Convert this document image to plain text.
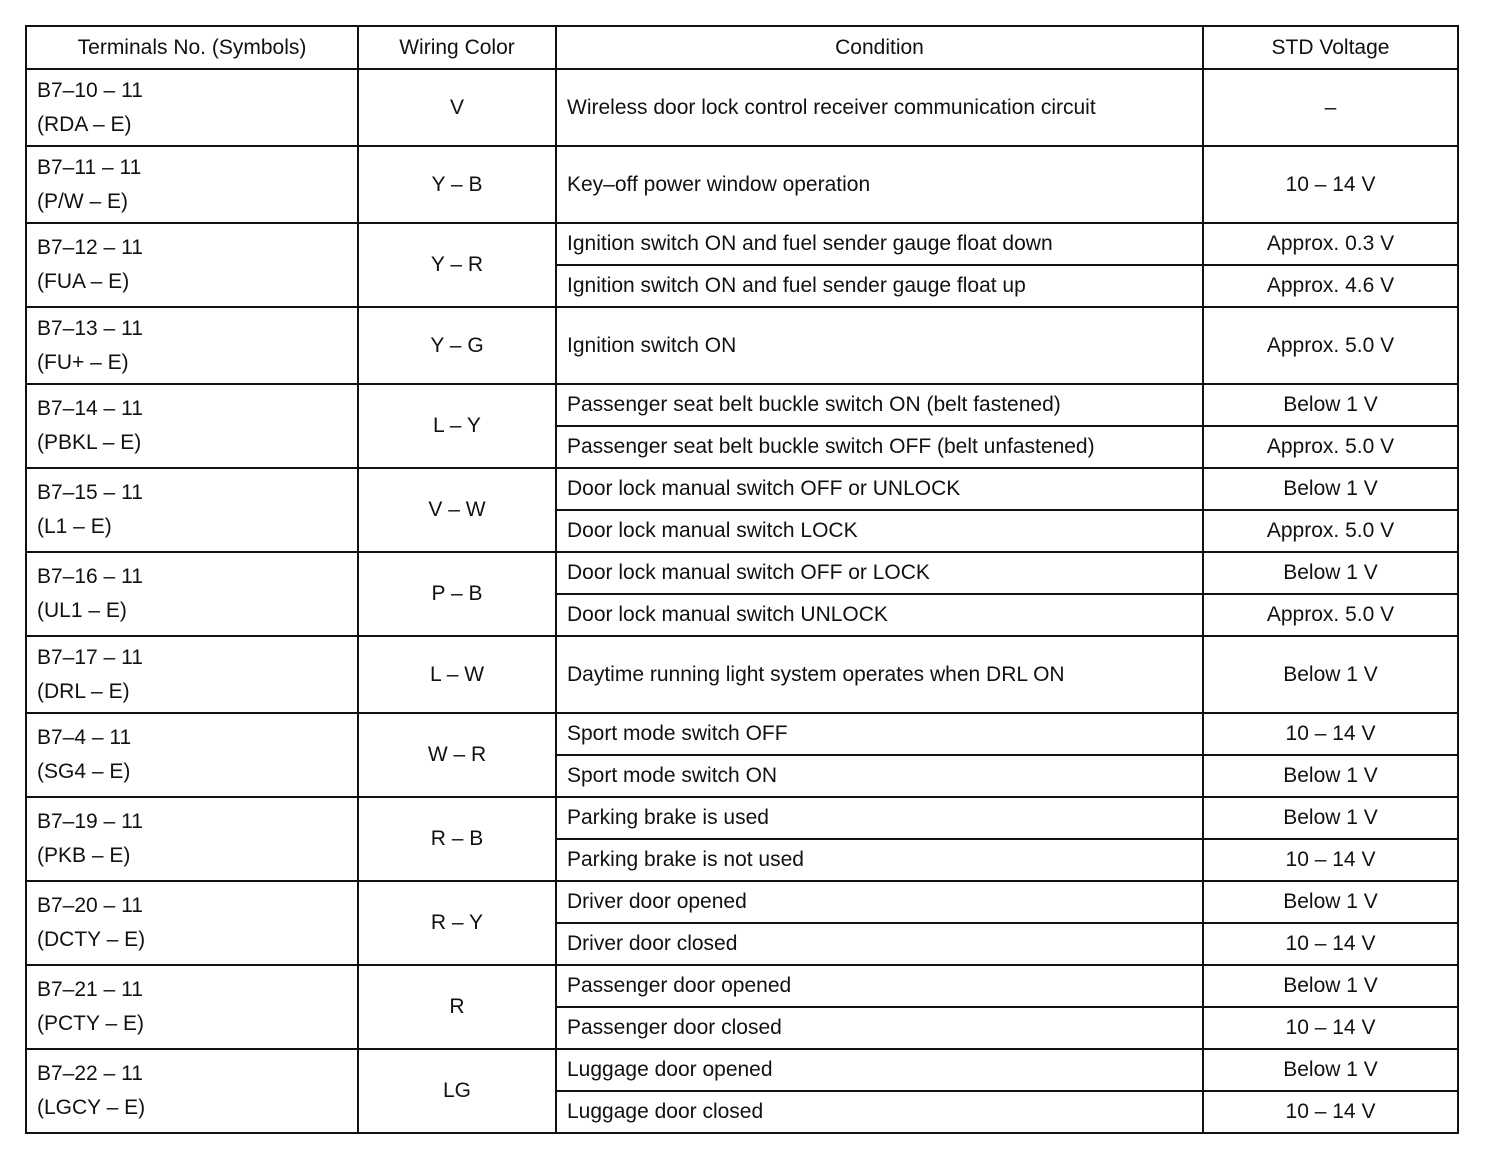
Terminals No. (Symbols)	Wiring Color	Condition	STD Voltage

B7–10 – 11
(RDA – E)	V	Wireless door lock control receiver communication circuit	–

B7–11 – 11
(P/W – E)	Y – B	Key–off power window operation	10 – 14 V

B7–12 – 11
(FUA – E)	Y – R	Ignition switch ON and fuel sender gauge float down	Approx. 0.3 V
		Ignition switch ON and fuel sender gauge float up	Approx. 4.6 V

B7–13 – 11
(FU+ – E)	Y – G	Ignition switch ON	Approx. 5.0 V

B7–14 – 11
(PBKL – E)	L – Y	Passenger seat belt buckle switch ON (belt fastened)	Below 1 V
		Passenger seat belt buckle switch OFF (belt unfastened)	Approx. 5.0 V

B7–15 – 11
(L1 – E)	V – W	Door lock manual switch OFF or UNLOCK	Below 1 V
		Door lock manual switch LOCK	Approx. 5.0 V

B7–16 – 11
(UL1 – E)	P – B	Door lock manual switch OFF or LOCK	Below 1 V
		Door lock manual switch UNLOCK	Approx. 5.0 V

B7–17 – 11
(DRL – E)	L – W	Daytime running light system operates when DRL ON	Below 1 V

B7–4 – 11
(SG4 – E)	W – R	Sport mode switch OFF	10 – 14 V
		Sport mode switch ON	Below 1 V

B7–19 – 11
(PKB – E)	R – B	Parking brake is used	Below 1 V
		Parking brake is not used	10 – 14 V

B7–20 – 11
(DCTY – E)	R – Y	Driver door opened	Below 1 V
		Driver door closed	10 – 14 V

B7–21 – 11
(PCTY – E)	R	Passenger door opened	Below 1 V
		Passenger door closed	10 – 14 V

B7–22 – 11
(LGCY – E)	LG	Luggage door opened	Below 1 V
		Luggage door closed	10 – 14 V
